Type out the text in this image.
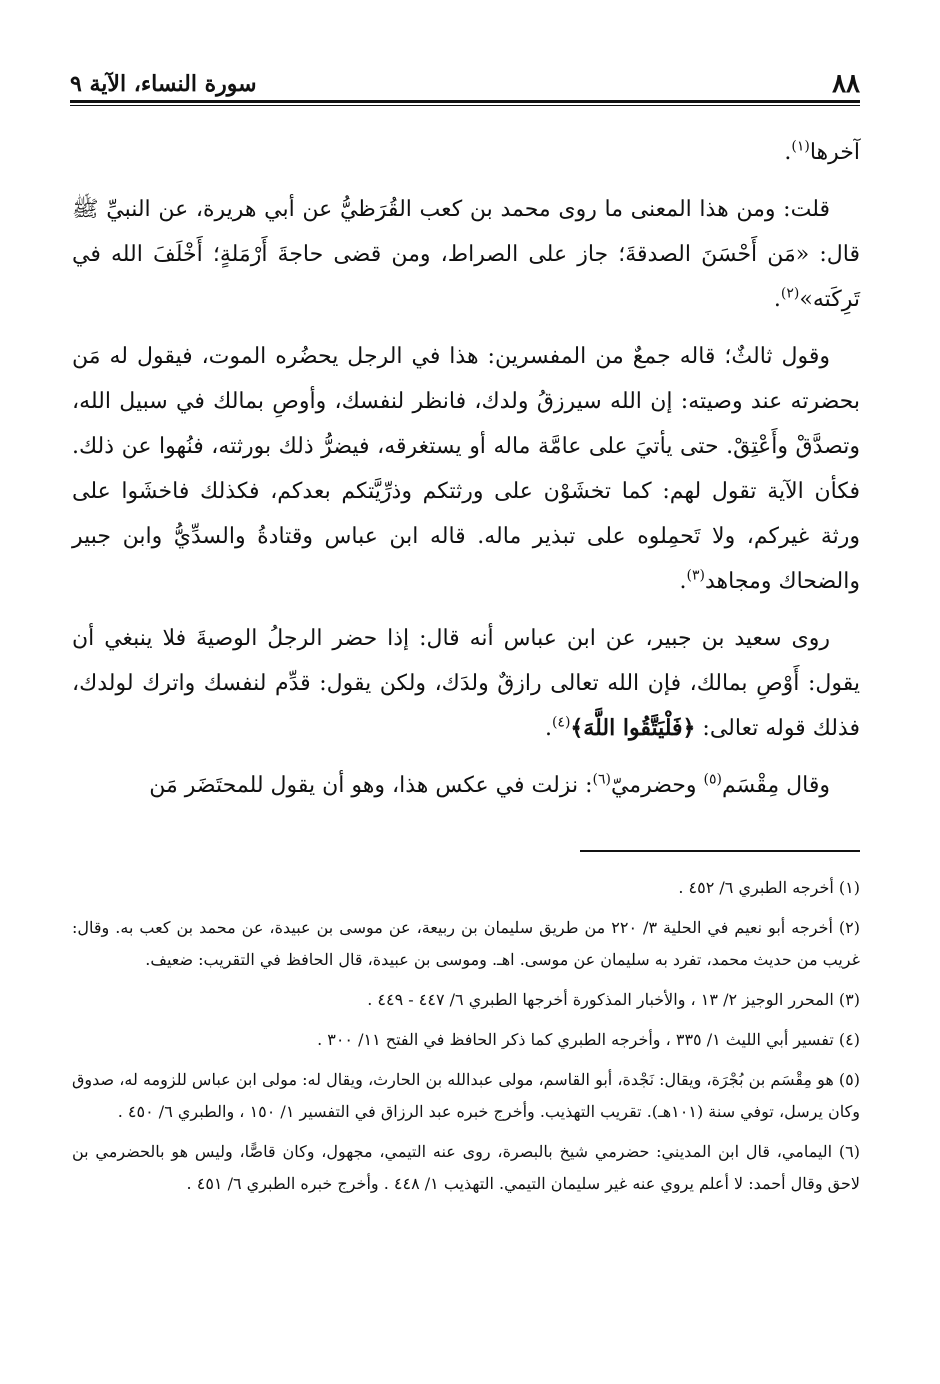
٨٨
سورة النساء، الآية ٩

آخرها$^{(١)}$.

قلت: ومن هذا المعنى ما روى محمد بن كعب القُرَظيُّ عن أبي هريرة، عن النبيِّ ﷺ قال: «مَن أَحْسَنَ الصدقةَ؛ جاز على الصراط، ومن قضى حاجةَ أَرْمَلةٍ؛ أَخْلَفَ الله في تَرِكَته»$^{(٢)}$.

وقول ثالثٌ؛ قاله جمعٌ من المفسرين: هذا في الرجل يحضُره الموت، فيقول له مَن بحضرته عند وصيته: إن الله سيرزقُ ولدك، فانظر لنفسك، وأوصِ بمالك في سبيل الله، وتصدَّقْ وأَعْتِقْ. حتى يأتيَ على عامَّة ماله أو يستغرقه، فيضرُّ ذلك بورثته، فنُهوا عن ذلك. فكأن الآية تقول لهم: كما تخشَوْن على ورثتكم وذرِّيَّتكم بعدكم، فكذلك فاخشَوا على ورثة غيركم، ولا تَحمِلوه على تبذير ماله. قاله ابن عباس وقتادةُ والسدِّيُّ وابن جبير والضحاك ومجاهد$^{(٣)}$.

روى سعيد بن جبير، عن ابن عباس أنه قال: إذا حضر الرجلُ الوصيةَ فلا ينبغي أن يقول: أَوْصِ بمالك، فإن الله تعالى رازقٌ ولدَك، ولكن يقول: قدِّم لنفسك واترك لولدك، فذلك قوله تعالى: ﴿فَلْيَتَّقُوا اللَّهَ﴾$^{(٤)}$.

وقال مِقْسَم$^{(٥)}$ وحضرميّ$^{(٦)}$: نزلت في عكس هذا، وهو أن يقول للمحتَضَر مَن

(١) أخرجه الطبري ٦/ ٤٥٢ .
(٢) أخرجه أبو نعيم في الحلية ٣/ ٢٢٠ من طريق سليمان بن ربيعة، عن موسى بن عبيدة، عن محمد بن كعب به. وقال: غريب من حديث محمد، تفرد به سليمان عن موسى. اهـ. وموسى بن عبيدة، قال الحافظ في التقريب: ضعيف.
(٣) المحرر الوجيز ٢/ ١٣ ، والأخبار المذكورة أخرجها الطبري ٦/ ٤٤٧ - ٤٤٩ .
(٤) تفسير أبي الليث ١/ ٣٣٥ ، وأخرجه الطبري كما ذكر الحافظ في الفتح ١١/ ٣٠٠ .
(٥) هو مِقْسَم بن بُجْرَة، ويقال: نَجْدة، أبو القاسم، مولى عبدالله بن الحارث، ويقال له: مولى ابن عباس للزومه له، صدوق وكان يرسل، توفي سنة (١٠١هـ). تقريب التهذيب. وأخرج خبره عبد الرزاق في التفسير ١/ ١٥٠ ، والطبري ٦/ ٤٥٠ .
(٦) اليمامي، قال ابن المديني: حضرمي شيخ بالبصرة، روى عنه التيمي، مجهول، وكان قاصًّا، وليس هو بالحضرمي بن لاحق وقال أحمد: لا أعلم يروي عنه غير سليمان التيمي. التهذيب ١/ ٤٤٨ . وأخرج خبره الطبري ٦/ ٤٥١ .
